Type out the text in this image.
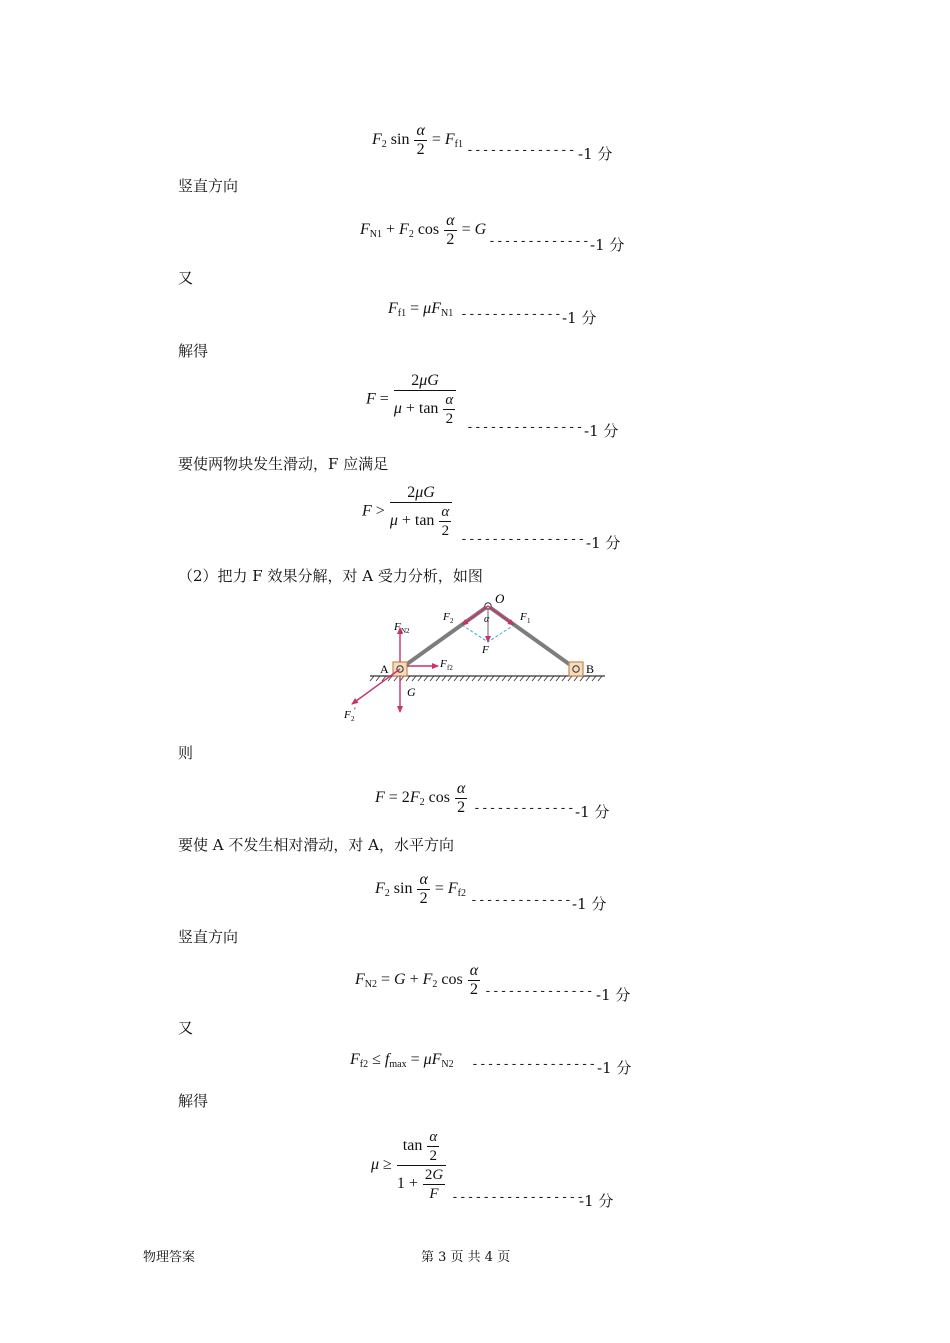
$F_2$ $\sin \frac{\alpha}{2} = F_{f1}$ -------------- -1 分
竖直方向
$F_{N1} + F_2$ $\cos \frac{\alpha}{2} = G$
------------- -1 分
又
$F_{f1} = \mu F_{N1}$ ------------- -1 分
解得
$F = \frac{2\mu G}{\mu + \tan \frac{\alpha}{2}}$ --------------- -1 分
要使两物块发生滑动，F 应满足
$F > \frac{2\mu G}{\mu + \tan \frac{\alpha}{2}}$ ---------------- -1 分
（2）把力 F 效果分解，对 A 受力分析，如图
O
α
F
F 2	F 1
F N2
F f2
A	B
G
F 2
′
则
$F = 2F_2$ $\cos \frac{\alpha}{2}$ ------------- -1 分
要使 A 不发生相对滑动，对 A，水平方向
$F_2$ $\sin \frac{\alpha}{2} = F_{f2}$ ------------- -1 分
竖直方向
$F_{N2} = G + F_2$ $\cos \frac{\alpha}{2}$ -------------- -1 分
又
$F_{f2} \le f_{max} = \mu F_{N2}$ ---------------- -1 分
解得
$\mu \ge \frac{\tan \frac{\alpha}{2}}{1 + \frac{2G}{F}}$ -----------------
-1 分
物理答案	第 3 页 共 4 页
